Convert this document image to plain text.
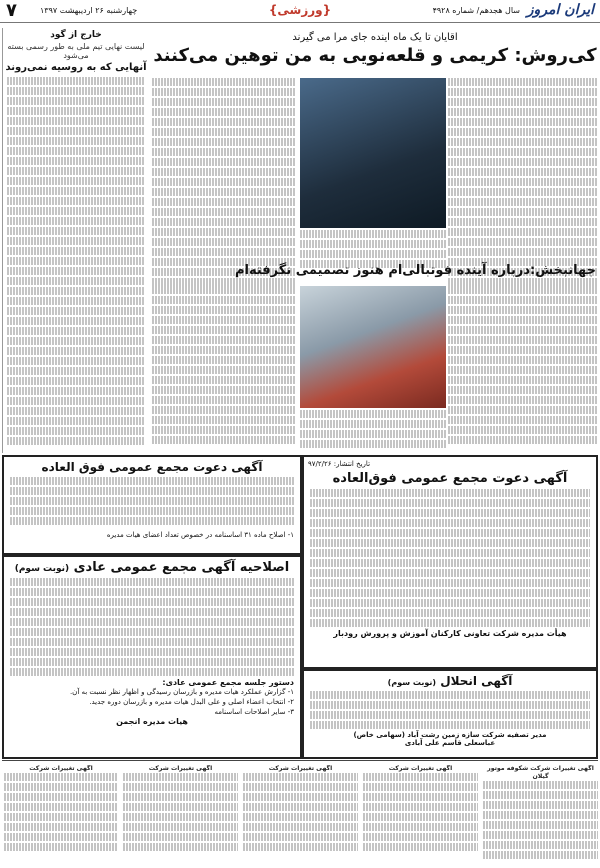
ایران امروز
سال هجدهم/ شماره ۴۹۲۸
{ورزشی}
چهارشنبه ۲۶ اردیبهشت ۱۳۹۷
۷
خارج از گود
لیست نهایی تیم ملی به طور رسمی بسته می‌شود
آنهایی که به روسیه نمی‌روند
اقایان تا یک ماه اینده جای مرا می گیرند
کی‌روش: کریمی و قلعه‌نویی به من توهین می‌کنند
جهانبخش:درباره آینده فوتبالی‌ام هنوز تصمیمی نگرفته‌ام
تاریخ انتشار: ۹۷/۲/۲۶
آگهی دعوت مجمع عمومی فوق‌العاده
هیأت مدیره شرکت تعاونی کارکنان آموزش و پرورش رودبار
آگهی دعوت مجمع عمومی فوق العاده
۱- اصلاح ماده ۳۱ اساسنامه در خصوص تعداد اعضای هیات مدیره
اصلاحیه آگهی مجمع عمومی عادی (نوبت سوم)
دستور جلسه مجمع عمومی عادی:
۱- گزارش عملکرد هیات مدیره و بازرسان رسیدگی و اظهار نظر نسبت به آن.
۲- انتخاب اعضاء اصلی و علی البدل هیات مدیره و بازرسان دوره جدید.
۳- سایر اصلاحات اساسنامه
هیات مدیره انجمن
آگهی انحلال (نوبت سوم)
مدیر تصفیه شرکت سازه زمین رشت آباد (سهامی خاص)
عباسعلی قاسم علی آبادی
آگهی تغییرات شرکت شکوفه موتور گیلان
آگهی تغییرات شرکت
آگهی تغییرات شرکت
آگهی تغییرات شرکت
آگهی تغییرات شرکت
